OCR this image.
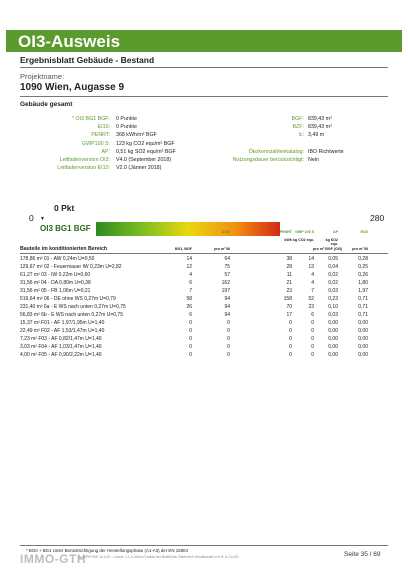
OI3-Ausweis
Ergebnisblatt Gebäude - Bestand
Projektname:
1090 Wien, Augasse 9
Gebäude gesamt
* OI3 BG1 BGF: 0 Punkte
EI10: 0 Punkte
PENRT: 368 kWh/m² BGF
GWP100 S: 123 kg CO2 equ/m² BGF
AP: 0,51 kg SO2 equ/m² BGF
Leitfadenversion OI3: V4.0 (September 2018)
Leitfadenversion EI10: V2.0 (Jänner 2018)
BGF: 839,43 m²
BZF: 839,43 m²
lc: 3,49 m
Ökokennzahlenkatalog: IBO Richtwerte
Nutzungsdauer berücksichtigt: Nein
0 Pkt
0 ▼	280
OI3 BG1 BGF	ΔOI3	PENRT GWP 100 S	AP	EI10
kWh kg CO2 equ.	kg SO2 equ.
BG1, BGF	pro m² BI	pro m² BGF (OI3)	pro m² BI
Bauteile im konditionierten Bereich
178,86 m² 01 - AW 0,24m U=0,50	14	64	38	14	0,05	0,28
129,67 m² 02 - Feuermauer IW 0,23m U=2,82	12	75	28	13	0,04	0,25
61,27 m² 03 - IW 0,22m U=0,60	4	57	11	4	0,02	0,26
31,56 m² 04 - DA 0,80m U=0,38	6	162	21	4	0,02	1,80
31,56 m² 05 - FB 1,06m U=0,21	7	197	23	7	0,03	1,97
519,64 m² 06 - DE ohne WS 0,27m U=0,79	58	94	158	52	0,23	0,71
231,40 m² 6a - E WS nach unten 0,27m U=0,75	26	94	70	23	0,10	0,71
56,83 m² 6b - E WS nach unten 0,27m U=0,75	6	94	17	6	0,03	0,71
15,37 m² F01 - AF 1,97/1,95m U=1,40	0	0	0	0	0,00	0,00
22,49 m² F02 - AF 1,53/1,47m U=1,40	0	0	0	0	0,00	0,00
7,23 m² F03 - AF 0,82/1,47m U=1,40	0	0	0	0	0,00	0,00
3,03 m² F04 - AF 1,03/1,47m U=1,40	0	0	0	0	0,00	0,00
4,00 m² F05 - AF 0,90/2,22m U=1,40	0	0	0	0	0,00	0,00
* BG0 + BG1 Unter Berücksichtigung der Herstellungsphase (A1-A3) der EN 15804
IMMO-GTH
ArchiPHYSIK 16.0.20 - Lizenz: 1.1.3-Jülich Produkt der BuildDesk Österreich Gesellschaft m.b.H. & Co.KG	Seite 35 / 69
